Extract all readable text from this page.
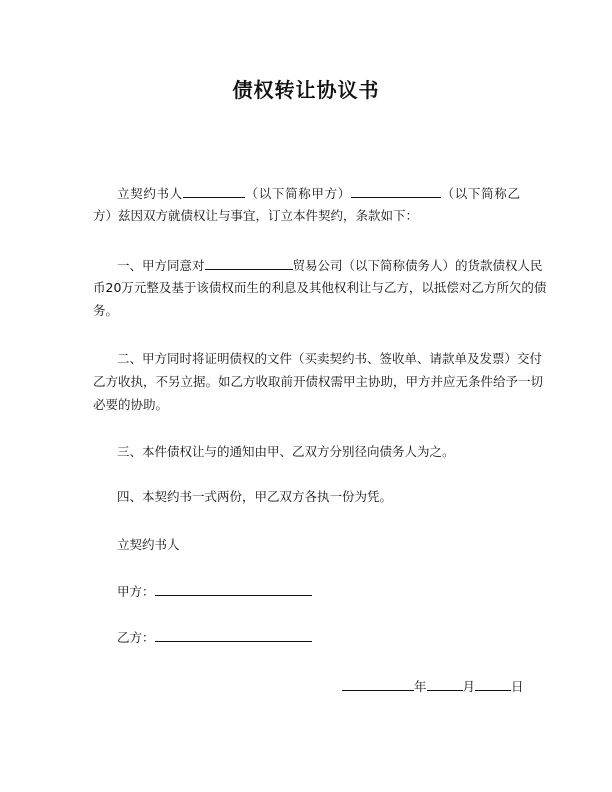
债权转让协议书
立契约书人	（以下简称甲方）	（以下简称乙
方）兹因双方就债权让与事宜，订立本件契约，条款如下：
一、甲方同意对	贸易公司（以下简称债务人）的货款债权人民
币20万元整及基于该债权而生的利息及其他权利让与乙方，以抵偿对乙方所欠的债
务。
二、甲方同时将证明债权的文件（买卖契约书、签收单、请款单及发票）交付
乙方收执，不另立据。如乙方收取前开债权需甲主协助，甲方并应无条件给予一切
必要的协助。
三、本件债权让与的通知由甲、乙双方分别径向债务人为之。
四、本契约书一式两份，甲乙双方各执一份为凭。
立契约书人
甲方：
乙方：
年	月	日
